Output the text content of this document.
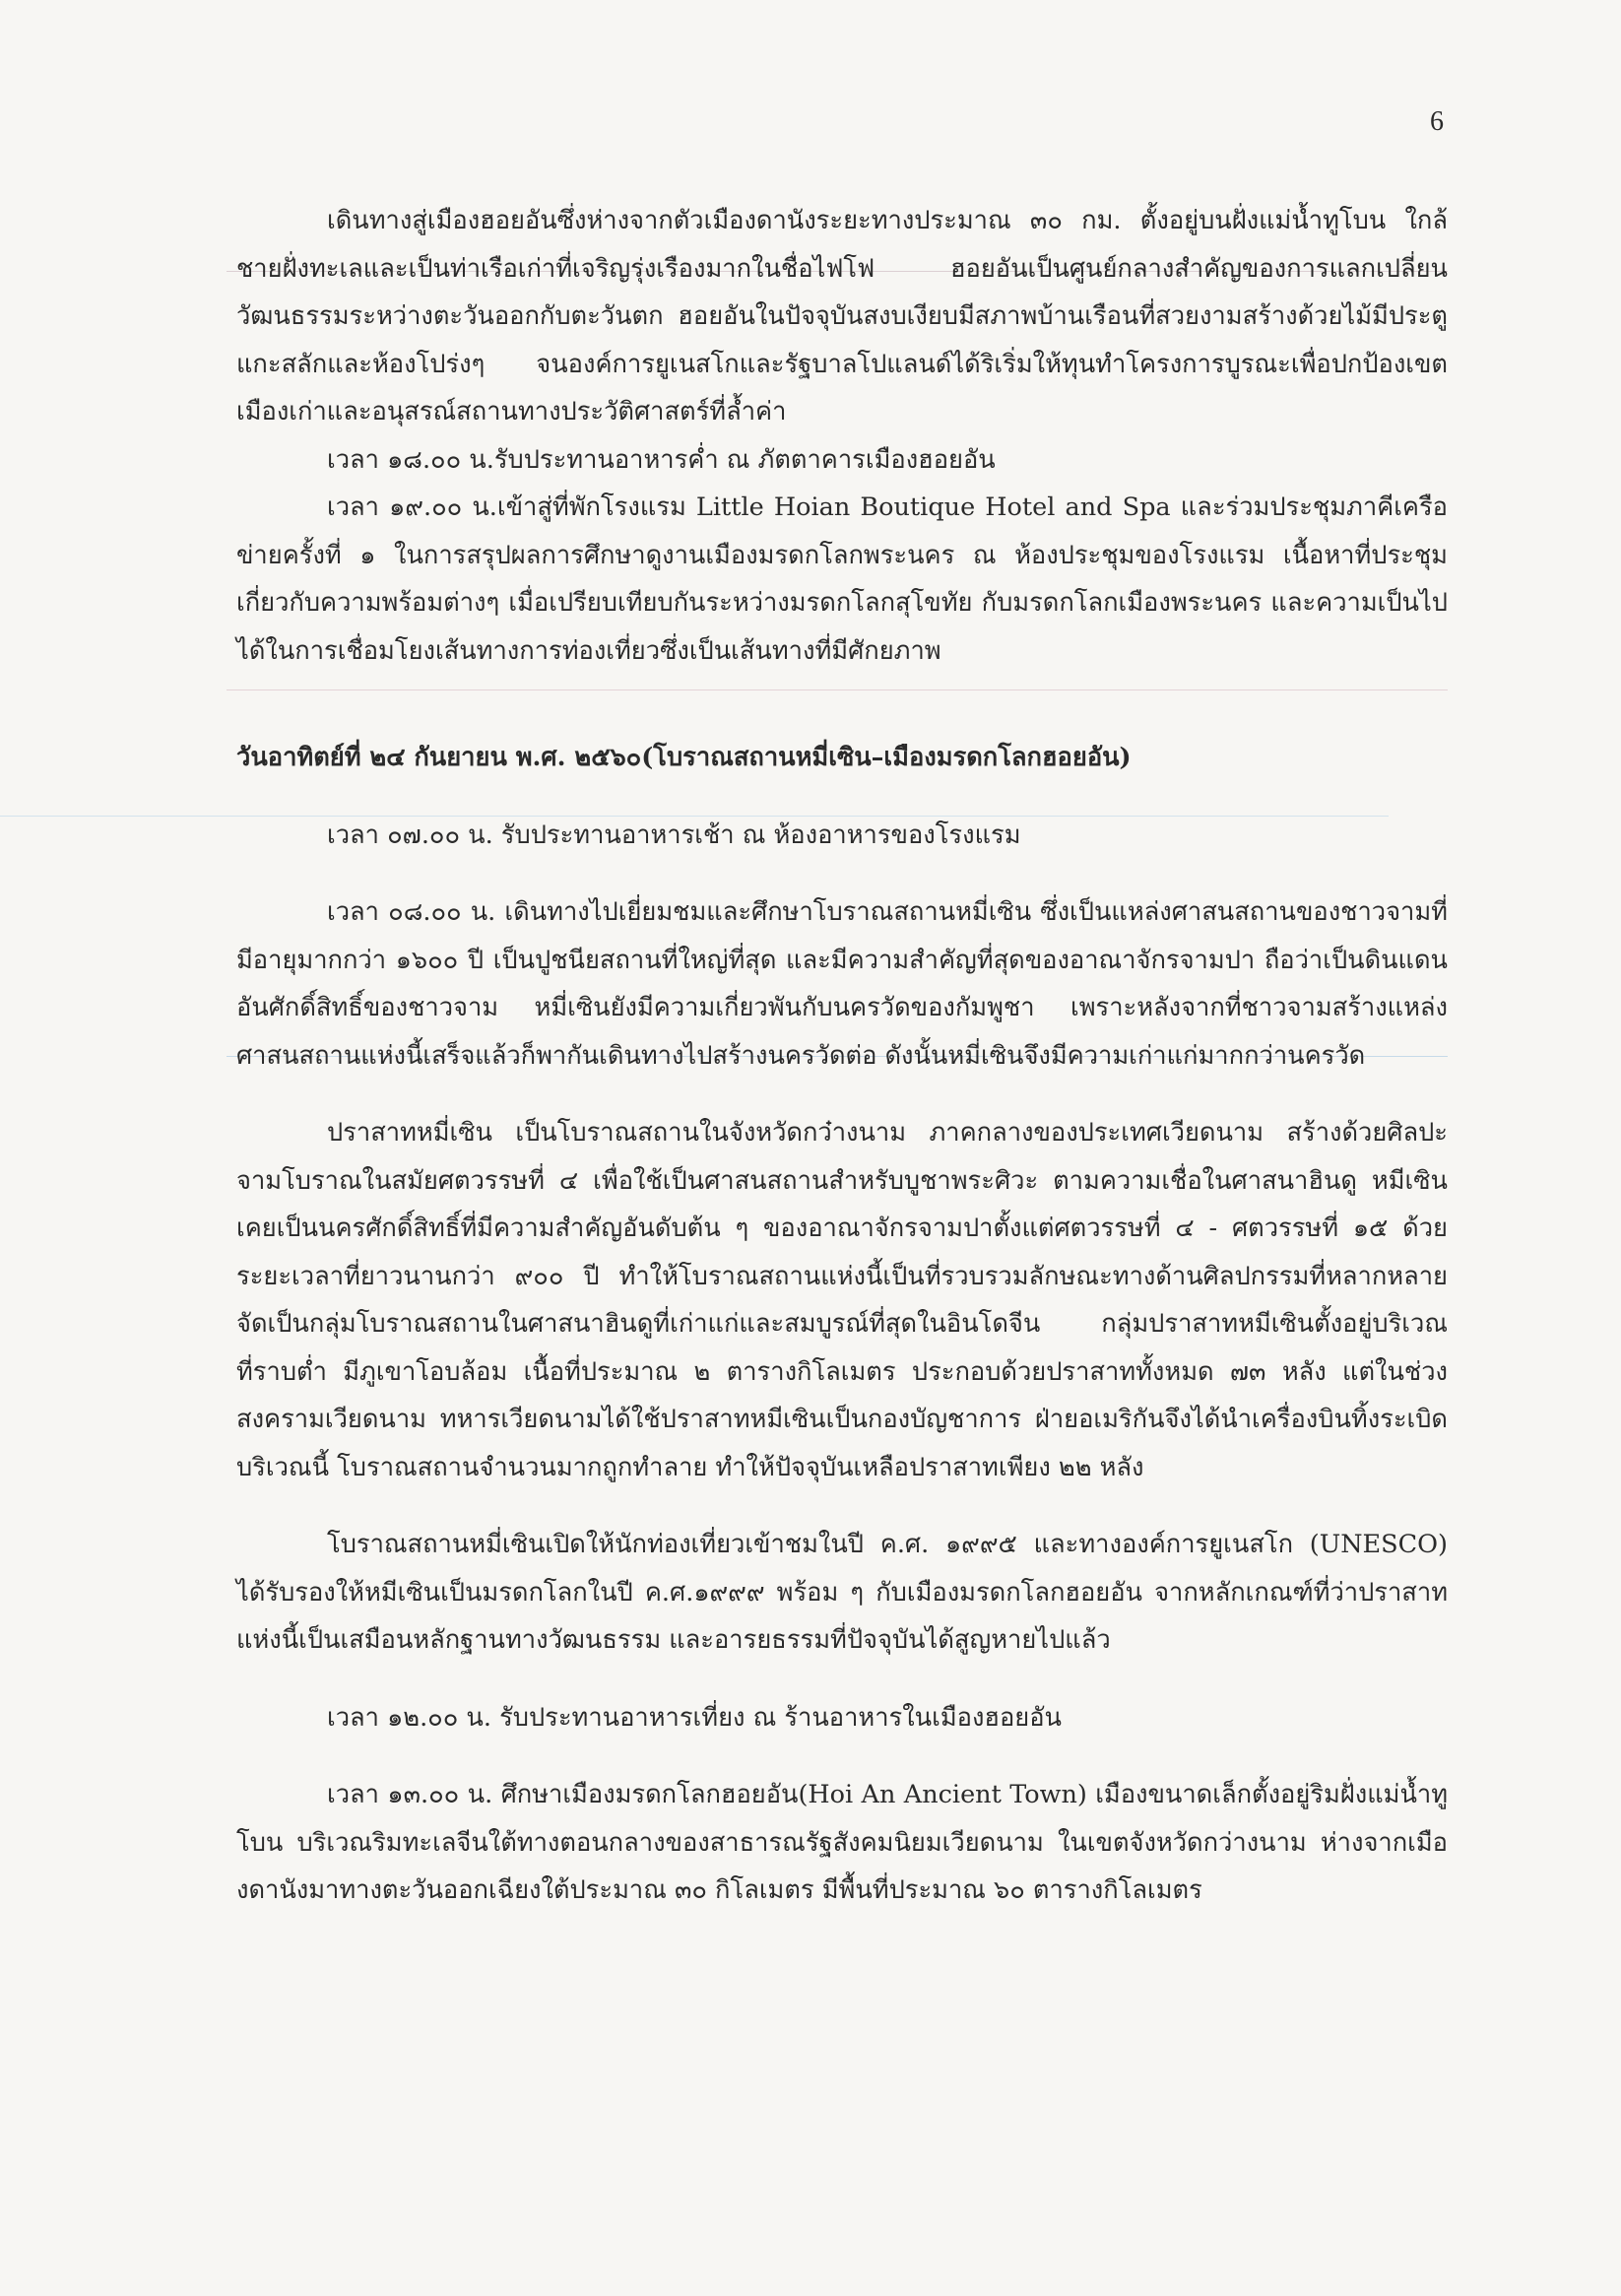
6

เดินทางสู่เมืองฮอยอันซึ่งห่างจากตัวเมืองดานังระยะทางประมาณ ๓๐ กม. ตั้งอยู่บนฝั่งแม่น้ำทูโบน ใกล้ชายฝั่งทะเลและเป็นท่าเรือเก่าที่เจริญรุ่งเรืองมากในชื่อไฟโฟ ฮอยอันเป็นศูนย์กลางสำคัญของการแลกเปลี่ยนวัฒนธรรมระหว่างตะวันออกกับตะวันตก ฮอยอันในปัจจุบันสงบเงียบมีสภาพบ้านเรือนที่สวยงามสร้างด้วยไม้มีประตูแกะสลักและห้องโปร่งๆ จนองค์การยูเนสโกและรัฐบาลโปแลนด์ได้ริเริ่มให้ทุนทำโครงการบูรณะเพื่อปกป้องเขตเมืองเก่าและอนุสรณ์สถานทางประวัติศาสตร์ที่ล้ำค่า

เวลา ๑๘.๐๐ น.รับประทานอาหารค่ำ ณ ภัตตาคารเมืองฮอยอัน

เวลา ๑๙.๐๐ น.เข้าสู่ที่พักโรงแรม Little Hoian Boutique Hotel and Spa และร่วมประชุมภาคีเครือข่ายครั้งที่ ๑ ในการสรุปผลการศึกษาดูงานเมืองมรดกโลกพระนคร ณ ห้องประชุมของโรงแรม เนื้อหาที่ประชุมเกี่ยวกับความพร้อมต่างๆ เมื่อเปรียบเทียบกันระหว่างมรดกโลกสุโขทัย กับมรดกโลกเมืองพระนคร และความเป็นไปได้ในการเชื่อมโยงเส้นทางการท่องเที่ยวซึ่งเป็นเส้นทางที่มีศักยภาพ

วันอาทิตย์ที่ ๒๔ กันยายน พ.ศ. ๒๕๖๐(โบราณสถานหมี่เซิน–เมืองมรดกโลกฮอยอัน)

เวลา ๐๗.๐๐ น. รับประทานอาหารเช้า ณ ห้องอาหารของโรงแรม

เวลา ๐๘.๐๐ น. เดินทางไปเยี่ยมชมและศึกษาโบราณสถานหมี่เซิน ซึ่งเป็นแหล่งศาสนสถานของชาวจามที่มีอายุมากกว่า ๑๖๐๐ ปี เป็นปูชนียสถานที่ใหญ่ที่สุด และมีความสำคัญที่สุดของอาณาจักรจามปา ถือว่าเป็นดินแดนอันศักดิ์สิทธิ์ของชาวจาม หมี่เซินยังมีความเกี่ยวพันกับนครวัดของกัมพูชา เพราะหลังจากที่ชาวจามสร้างแหล่งศาสนสถานแห่งนี้เสร็จแล้วก็พากันเดินทางไปสร้างนครวัดต่อ ดังนั้นหมี่เซินจึงมีความเก่าแก่มากกว่านครวัด

ปราสาทหมี่เซิน เป็นโบราณสถานในจังหวัดกว๋างนาม ภาคกลางของประเทศเวียดนาม สร้างด้วยศิลปะจามโบราณในสมัยศตวรรษที่ ๔ เพื่อใช้เป็นศาสนสถานสำหรับบูชาพระศิวะ ตามความเชื่อในศาสนาฮินดู หมีเซินเคยเป็นนครศักดิ์สิทธิ์ที่มีความสำคัญอันดับต้น ๆ ของอาณาจักรจามปาตั้งแต่ศตวรรษที่ ๔ - ศตวรรษที่ ๑๕ ด้วยระยะเวลาที่ยาวนานกว่า ๙๐๐ ปี ทำให้โบราณสถานแห่งนี้เป็นที่รวบรวมลักษณะทางด้านศิลปกรรมที่หลากหลาย จัดเป็นกลุ่มโบราณสถานในศาสนาฮินดูที่เก่าแก่และสมบูรณ์ที่สุดในอินโดจีน กลุ่มปราสาทหมีเซินตั้งอยู่บริเวณที่ราบต่ำ มีภูเขาโอบล้อม เนื้อที่ประมาณ ๒ ตารางกิโลเมตร ประกอบด้วยปราสาททั้งหมด ๗๓ หลัง แต่ในช่วงสงครามเวียดนาม ทหารเวียดนามได้ใช้ปราสาทหมีเซินเป็นกองบัญชาการ ฝ่ายอเมริกันจึงได้นำเครื่องบินทิ้งระเบิดบริเวณนี้ โบราณสถานจำนวนมากถูกทำลาย ทำให้ปัจจุบันเหลือปราสาทเพียง ๒๒ หลัง

โบราณสถานหมี่เซินเปิดให้นักท่องเที่ยวเข้าชมในปี ค.ศ. ๑๙๙๕ และทางองค์การยูเนสโก (UNESCO) ได้รับรองให้หมีเซินเป็นมรดกโลกในปี ค.ศ.๑๙๙๙ พร้อม ๆ กับเมืองมรดกโลกฮอยอัน จากหลักเกณฑ์ที่ว่าปราสาทแห่งนี้เป็นเสมือนหลักฐานทางวัฒนธรรม และอารยธรรมที่ปัจจุบันได้สูญหายไปแล้ว

เวลา ๑๒.๐๐ น. รับประทานอาหารเที่ยง ณ ร้านอาหารในเมืองฮอยอัน

เวลา ๑๓.๐๐ น. ศึกษาเมืองมรดกโลกฮอยอัน(Hoi An Ancient Town) เมืองขนาดเล็กตั้งอยู่ริมฝั่งแม่น้ำทูโบน บริเวณริมทะเลจีนใต้ทางตอนกลางของสาธารณรัฐสังคมนิยมเวียดนาม ในเขตจังหวัดกว่างนาม ห่างจากเมืองดานังมาทางตะวันออกเฉียงใต้ประมาณ ๓๐ กิโลเมตร มีพื้นที่ประมาณ ๖๐ ตารางกิโลเมตร
